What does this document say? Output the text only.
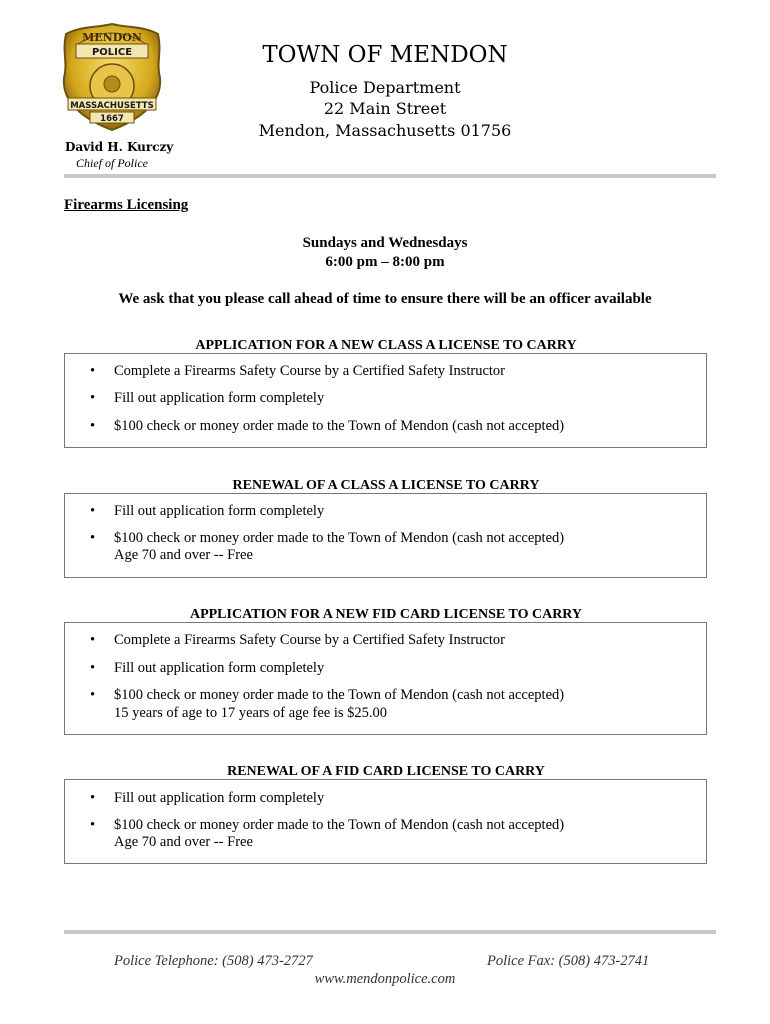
MENDON
POLICE
MASSACHUSETTS
1667
David H. Kurczy
Chief of Police
TOWN OF MENDON
Police Department
22 Main Street
Mendon, Massachusetts 01756
Firearms Licensing
Sundays and Wednesdays
6:00 pm – 8:00 pm
We ask that you please call ahead of time to ensure there will be an officer available
APPLICATION FOR A NEW CLASS A LICENSE TO CARRY
• Complete a Firearms Safety Course by a Certified Safety Instructor
• Fill out application form completely
• $100 check or money order made to the Town of Mendon (cash not accepted)
RENEWAL OF A CLASS A LICENSE TO CARRY
• Fill out application form completely
• $100 check or money order made to the Town of Mendon (cash not accepted)
Age 70 and over -- Free
APPLICATION FOR A NEW FID CARD LICENSE TO CARRY
• Complete a Firearms Safety Course by a Certified Safety Instructor
• Fill out application form completely
• $100 check or money order made to the Town of Mendon (cash not accepted)
15 years of age to 17 years of age fee is $25.00
RENEWAL OF A FID CARD LICENSE TO CARRY
• Fill out application form completely
• $100 check or money order made to the Town of Mendon (cash not accepted)
Age 70 and over -- Free
Police Telephone: (508) 473-2727	Police Fax: (508) 473-2741
www.mendonpolice.com
